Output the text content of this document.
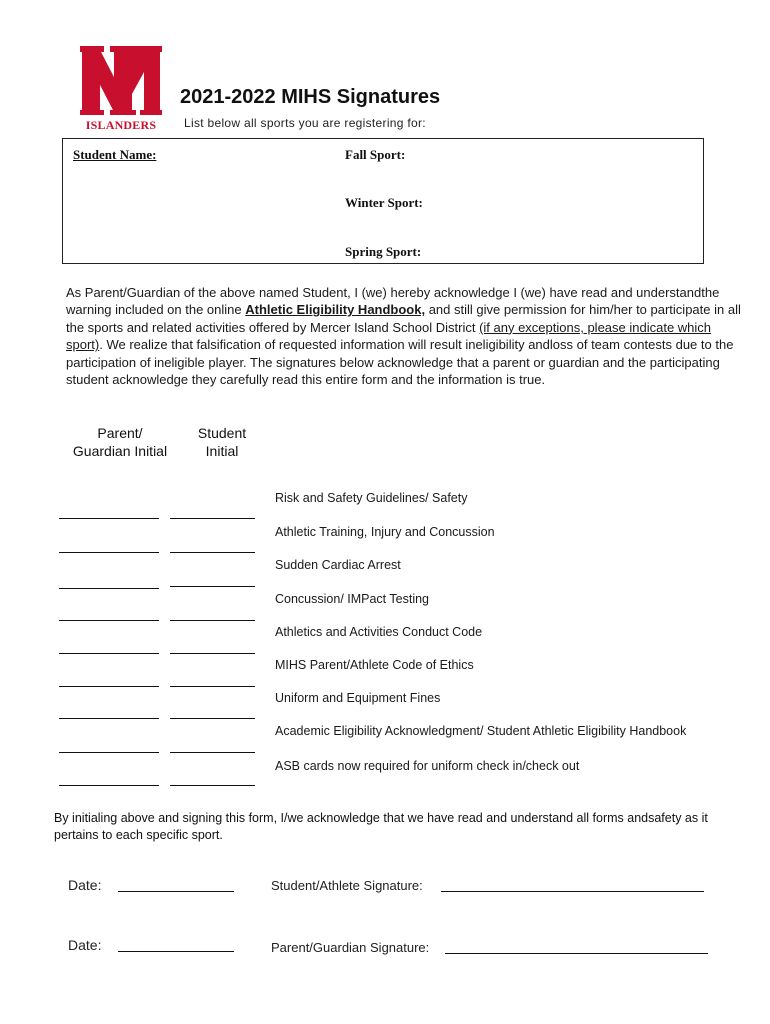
ISLANDERS
2021-2022 MIHS Signatures
List below all sports you are registering for:
Student Name:	Fall Sport:
Winter Sport:
Spring Sport:
As Parent/Guardian of the above named Student, I (we) hereby acknowledge I (we) have read and understandthe warning included on the online Athletic Eligibility Handbook, and still give permission for him/her to participate in all the sports and related activities offered by Mercer Island School District (if any exceptions, please indicate which sport). We realize that falsification of requested information will result ineligibility andloss of team contests due to the participation of ineligible player. The signatures below acknowledge that a parent or guardian and the participating student acknowledge they carefully read this entire form and the information is true.
Parent/
Guardian Initial
Student
Initial
Risk and Safety Guidelines/ Safety
Athletic Training, Injury and Concussion
Sudden Cardiac Arrest
Concussion/ IMPact Testing
Athletics and Activities Conduct Code
MIHS Parent/Athlete Code of Ethics
Uniform and Equipment Fines
Academic Eligibility Acknowledgment/ Student Athletic Eligibility Handbook
ASB cards now required for uniform check in/check out
By initialing above and signing this form, I/we acknowledge that we have read and understand all forms andsafety as it pertains to each specific sport.
Date:	Student/Athlete Signature:
Date:	Parent/Guardian Signature:
